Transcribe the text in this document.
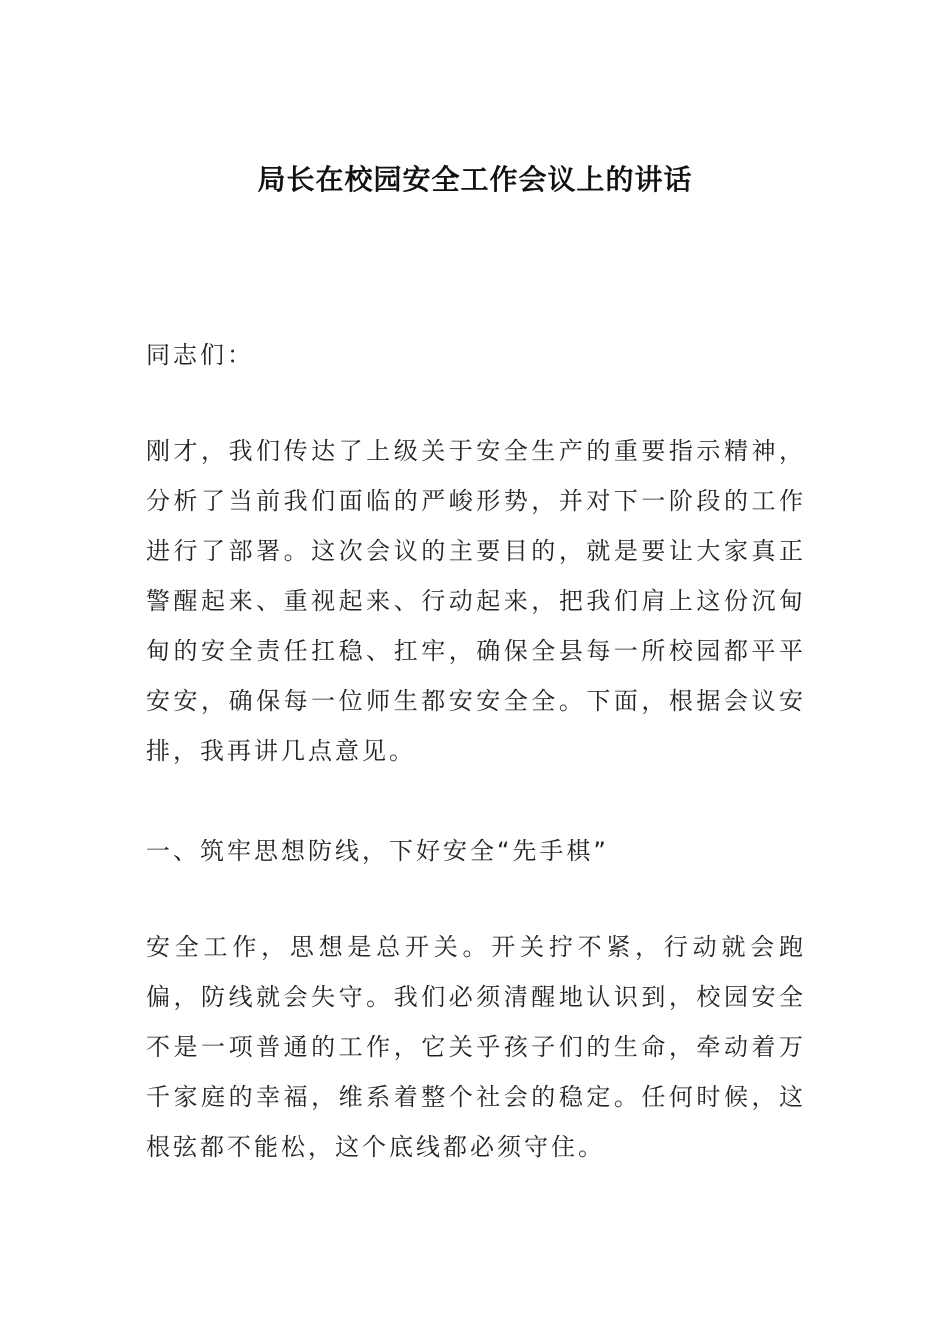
局长在校园安全工作会议上的讲话
同志们：
刚才，我们传达了上级关于安全生产的重要指示精神，分析了当前我们面临的严峻形势，并对下一阶段的工作进行了部署。这次会议的主要目的，就是要让大家真正警醒起来、重视起来、行动起来，把我们肩上这份沉甸甸的安全责任扛稳、扛牢，确保全县每一所校园都平平安安，确保每一位师生都安安全全。下面，根据会议安排，我再讲几点意见。
一、筑牢思想防线，下好安全“先手棋”
安全工作，思想是总开关。开关拧不紧，行动就会跑偏，防线就会失守。我们必须清醒地认识到，校园安全不是一项普通的工作，它关乎孩子们的生命，牵动着万千家庭的幸福，维系着整个社会的稳定。任何时候，这根弦都不能松，这个底线都必须守住。
